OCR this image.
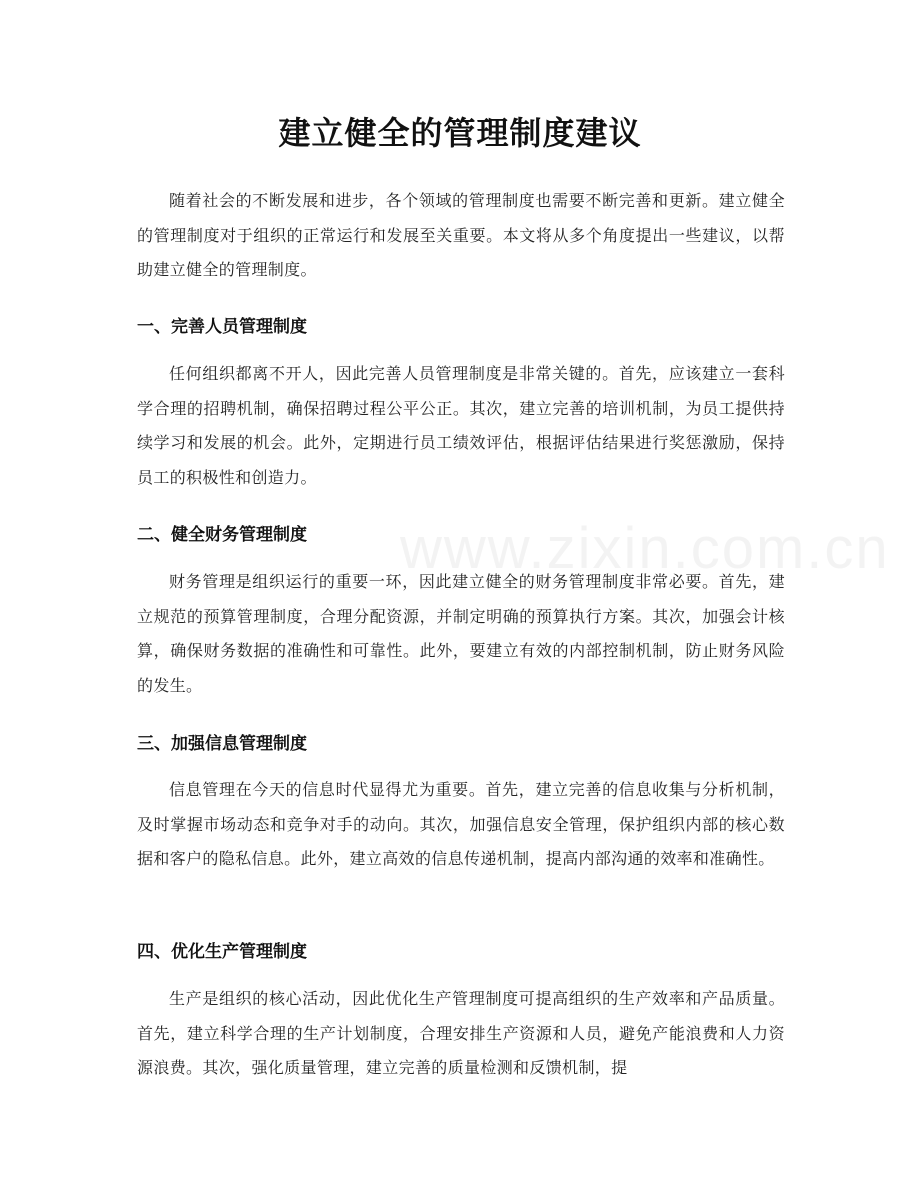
建立健全的管理制度建议

随着社会的不断发展和进步，各个领域的管理制度也需要不断完善和更新。建立健全的管理制度对于组织的正常运行和发展至关重要。本文将从多个角度提出一些建议，以帮助建立健全的管理制度。

一、完善人员管理制度

任何组织都离不开人，因此完善人员管理制度是非常关键的。首先，应该建立一套科学合理的招聘机制，确保招聘过程公平公正。其次，建立完善的培训机制，为员工提供持续学习和发展的机会。此外，定期进行员工绩效评估，根据评估结果进行奖惩激励，保持员工的积极性和创造力。

二、健全财务管理制度

财务管理是组织运行的重要一环，因此建立健全的财务管理制度非常必要。首先，建立规范的预算管理制度，合理分配资源，并制定明确的预算执行方案。其次，加强会计核算，确保财务数据的准确性和可靠性。此外，要建立有效的内部控制机制，防止财务风险的发生。

三、加强信息管理制度

信息管理在今天的信息时代显得尤为重要。首先，建立完善的信息收集与分析机制，及时掌握市场动态和竞争对手的动向。其次，加强信息安全管理，保护组织内部的核心数据和客户的隐私信息。此外，建立高效的信息传递机制，提高内部沟通的效率和准确性。

四、优化生产管理制度

生产是组织的核心活动，因此优化生产管理制度可提高组织的生产效率和产品质量。首先，建立科学合理的生产计划制度，合理安排生产资源和人员，避免产能浪费和人力资源浪费。其次，强化质量管理，建立完善的质量检测和反馈机制，提

www.zixin.com.cn
